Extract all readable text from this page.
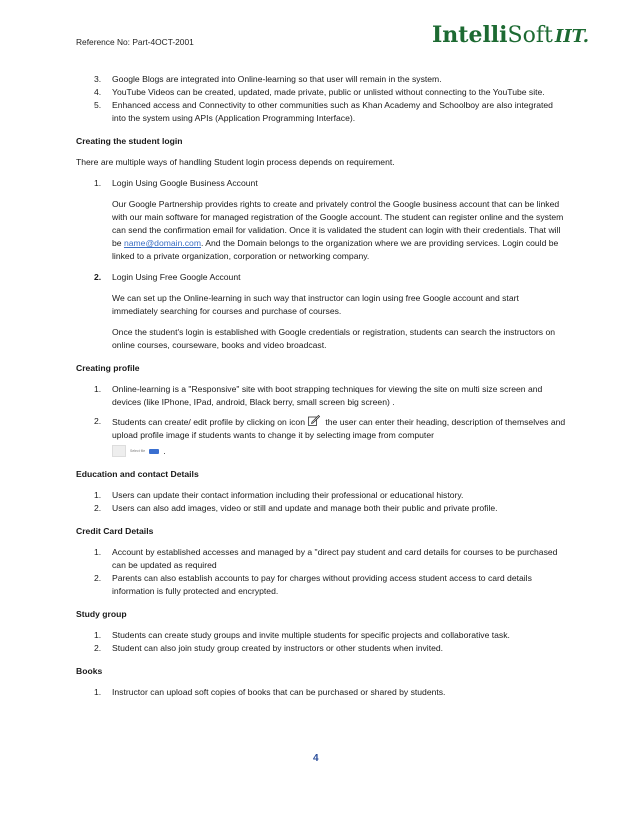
Reference No: Part-4OCT-2001	IntelliSoft IIT.
3. Google Blogs are integrated into Online-learning so that user will remain in the system.
4. YouTube Videos can be created, updated, made private, public or unlisted without connecting to the YouTube site.
5. Enhanced access and Connectivity to other communities such as Khan Academy and Schoolboy are also integrated into the system using APIs (Application Programming Interface).
Creating the student login
There are multiple ways of handling Student login process depends on requirement.
1. Login Using Google Business Account
Our Google Partnership provides rights to create and privately control the Google business account that can be linked with our main software for managed registration of the Google account. The student can register online and the system can send the confirmation email for validation. Once it is validated the student can login with their credentials. That will be name@domain.com. And the Domain belongs to the organization where we are providing services. Login could be linked to a private organization, corporation or networking company.
2. Login Using Free Google Account
We can set up the Online-learning in such way that instructor can login using free Google account and start immediately searching for courses and purchase of courses.
Once the student's login is established with Google credentials or registration, students can search the instructors on online courses, courseware, books and video broadcast.
Creating profile
1. Online-learning is a "Responsive" site with boot strapping techniques for viewing the site on multi size screen and devices (like IPhone, IPad, android, Black berry, small screen big screen) .
2. Students can create/ edit profile by clicking on icon the user can enter their heading, description of themselves and upload profile image if students wants to change it by selecting image from computer
Select file .
Education and contact Details
1. Users can update their contact information including their professional or educational history.
2. Users can also add images, video or still and update and manage both their public and private profile.
Credit Card Details
1. Account by established accesses and managed by a "direct pay student and card details for courses to be purchased can be updated as required
2. Parents can also establish accounts to pay for charges without providing access student access to card details information is fully protected and encrypted.
Study group
1. Students can create study groups and invite multiple students for specific projects and collaborative task.
2. Student can also join study group created by instructors or other students when invited.
Books
1. Instructor can upload soft copies of books that can be purchased or shared by students.
4
